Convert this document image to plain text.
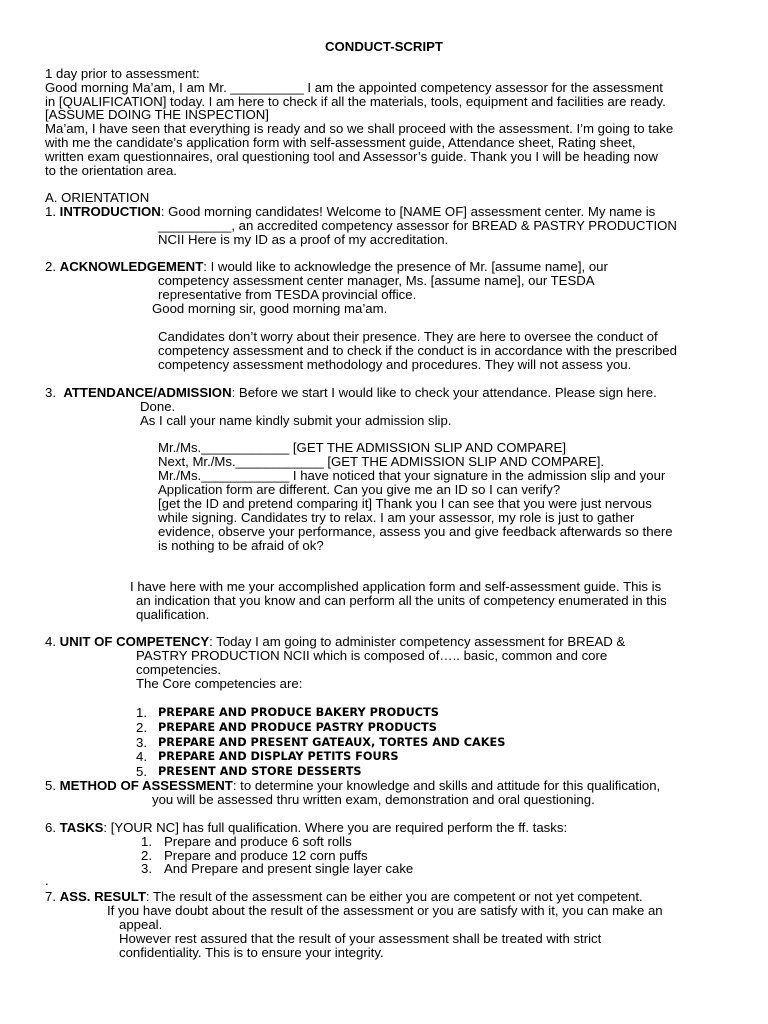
CONDUCT-SCRIPT
1 day prior to assessment:
Good morning Ma’am, I am Mr. __________ I am the appointed competency assessor for the assessment
in [QUALIFICATION] today. I am here to check if all the materials, tools, equipment and facilities are ready.
[ASSUME DOING THE INSPECTION]
Ma’am, I have seen that everything is ready and so we shall proceed with the assessment. I’m going to take
with me the candidate’s application form with self-assessment guide, Attendance sheet, Rating sheet,
written exam questionnaires, oral questioning tool and Assessor’s guide. Thank you I will be heading now
to the orientation area.
A. ORIENTATION
1. INTRODUCTION: Good morning candidates! Welcome to [NAME OF] assessment center. My name is
__________, an accredited competency assessor for BREAD & PASTRY PRODUCTION
NCII Here is my ID as a proof of my accreditation.
2. ACKNOWLEDGEMENT: I would like to acknowledge the presence of Mr. [assume name], our
competency assessment center manager, Ms. [assume name], our TESDA
representative from TESDA provincial office.
Good morning sir, good morning ma’am.
Candidates don’t worry about their presence. They are here to oversee the conduct of
competency assessment and to check if the conduct is in accordance with the prescribed
competency assessment methodology and procedures. They will not assess you.
3. ATTENDANCE/ADMISSION: Before we start I would like to check your attendance. Please sign here.
Done.
As I call your name kindly submit your admission slip.
Mr./Ms.____________ [GET THE ADMISSION SLIP AND COMPARE]
Next, Mr./Ms.____________ [GET THE ADMISSION SLIP AND COMPARE].
Mr./Ms.____________ I have noticed that your signature in the admission slip and your
Application form are different. Can you give me an ID so I can verify?
[get the ID and pretend comparing it] Thank you I can see that you were just nervous
while signing. Candidates try to relax. I am your assessor, my role is just to gather
evidence, observe your performance, assess you and give feedback afterwards so there
is nothing to be afraid of ok?
I have here with me your accomplished application form and self-assessment guide. This is
an indication that you know and can perform all the units of competency enumerated in this
qualification.
4. UNIT OF COMPETENCY: Today I am going to administer competency assessment for BREAD &
PASTRY PRODUCTION NCII which is composed of….. basic, common and core
competencies.
The Core competencies are:
1. PREPARE AND PRODUCE BAKERY PRODUCTS
2. PREPARE AND PRODUCE PASTRY PRODUCTS
3. PREPARE AND PRESENT GATEAUX, TORTES AND CAKES
4. PREPARE AND DISPLAY PETITS FOURS
5. PRESENT AND STORE DESSERTS
5. METHOD OF ASSESSMENT: to determine your knowledge and skills and attitude for this qualification,
you will be assessed thru written exam, demonstration and oral questioning.
6. TASKS: [YOUR NC] has full qualification. Where you are required perform the ff. tasks:
1. Prepare and produce 6 soft rolls
2. Prepare and produce 12 corn puffs
3. And Prepare and present single layer cake
.
7. ASS. RESULT: The result of the assessment can be either you are competent or not yet competent.
If you have doubt about the result of the assessment or you are satisfy with it, you can make an
appeal.
However rest assured that the result of your assessment shall be treated with strict
confidentiality. This is to ensure your integrity.
